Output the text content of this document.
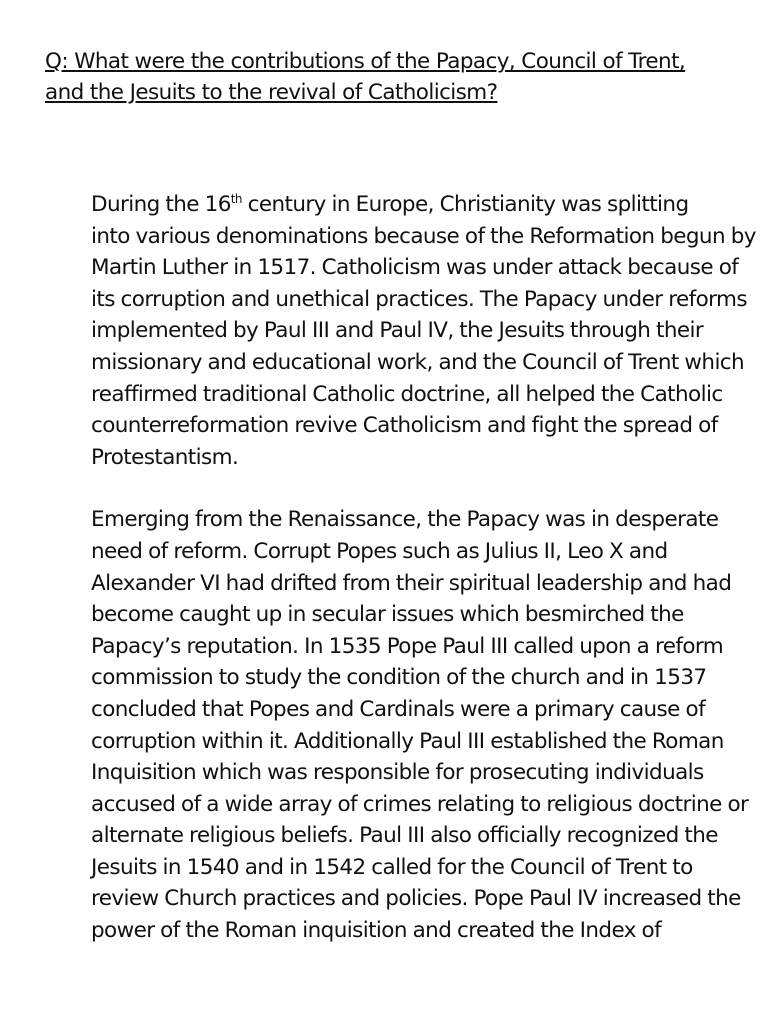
Q: What were the contributions of the Papacy, Council of Trent,
and the Jesuits to the revival of Catholicism?

During the 16th century in Europe, Christianity was splitting
into various denominations because of the Reformation begun by
Martin Luther in 1517. Catholicism was under attack because of
its corruption and unethical practices. The Papacy under reforms
implemented by Paul III and Paul IV, the Jesuits through their
missionary and educational work, and the Council of Trent which
reaffirmed traditional Catholic doctrine, all helped the Catholic
counterreformation revive Catholicism and fight the spread of
Protestantism.

Emerging from the Renaissance, the Papacy was in desperate
need of reform. Corrupt Popes such as Julius II, Leo X and
Alexander VI had drifted from their spiritual leadership and had
become caught up in secular issues which besmirched the
Papacy’s reputation. In 1535 Pope Paul III called upon a reform
commission to study the condition of the church and in 1537
concluded that Popes and Cardinals were a primary cause of
corruption within it. Additionally Paul III established the Roman
Inquisition which was responsible for prosecuting individuals
accused of a wide array of crimes relating to religious doctrine or
alternate religious beliefs. Paul III also officially recognized the
Jesuits in 1540 and in 1542 called for the Council of Trent to
review Church practices and policies. Pope Paul IV increased the
power of the Roman inquisition and created the Index of
